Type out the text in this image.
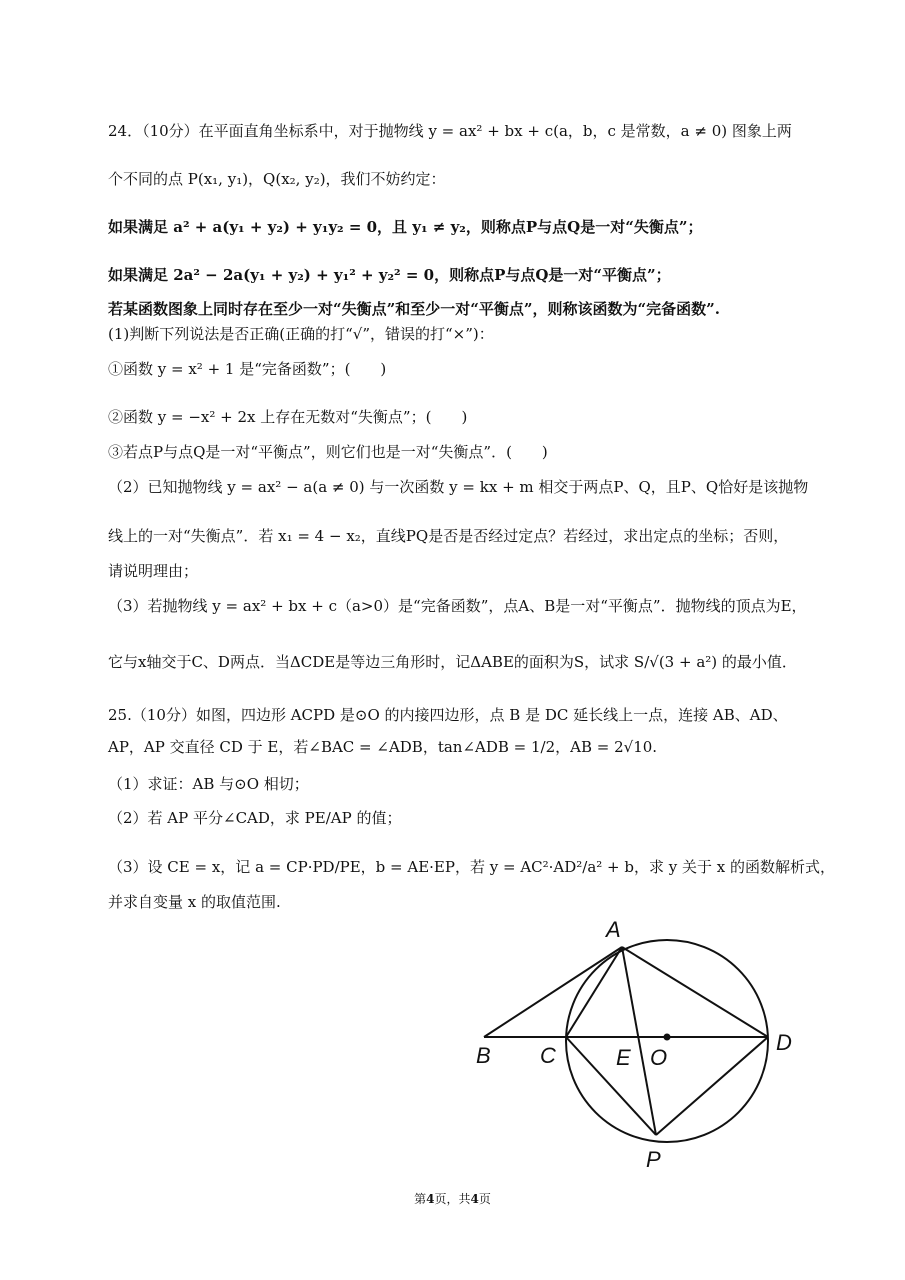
24．（10分）在平面直角坐标系中，对于抛物线 y = ax² + bx + c(a，b，c 是常数，a ≠ 0) 图象上两
个不同的点 P(x₁, y₁)，Q(x₂, y₂)，我们不妨约定：
如果满足 a² + a(y₁ + y₂) + y₁y₂ = 0，且 y₁ ≠ y₂，则称点P与点Q是一对“失衡点”；
如果满足 2a² − 2a(y₁ + y₂) + y₁² + y₂² = 0，则称点P与点Q是一对“平衡点”；
若某函数图象上同时存在至少一对“失衡点”和至少一对“平衡点”，则称该函数为“完备函数”.
(1)判断下列说法是否正确(正确的打“√”，错误的打“×”)：
①函数 y = x² + 1 是“完备函数”；(　　)
②函数 y = −x² + 2x 上存在无数对“失衡点”；(　　)
③若点P与点Q是一对“平衡点”，则它们也是一对“失衡点”．(　　)
（2）已知抛物线 y = ax² − a(a ≠ 0) 与一次函数 y = kx + m 相交于两点P、Q，且P、Q恰好是该抛物
线上的一对“失衡点”．若 x₁ = 4 − x₂，直线PQ是否是否经过定点？若经过，求出定点的坐标；否则，
请说明理由；
（3）若抛物线 y = ax² + bx + c（a>0）是“完备函数”，点A、B是一对“平衡点”．抛物线的顶点为E，
它与x轴交于C、D两点．当ΔCDE是等边三角形时，记ΔABE的面积为S，试求 S/√(3 + a²) 的最小值．
25.（10分）如图，四边形 ACPD 是⊙O 的内接四边形，点 B 是 DC 延长线上一点，连接 AB、AD、
AP，AP 交直径 CD 于 E，若∠BAC = ∠ADB，tan∠ADB = 1/2，AB = 2√10.
（1）求证：AB 与⊙O 相切；
（2）若 AP 平分∠CAD，求 PE/AP 的值；
（3）设 CE = x，记 a = CP·PD/PE，b = AE·EP，若 y = AC²·AD²/a² + b，求 y 关于 x 的函数解析式，
并求自变量 x 的取值范围.
A
B C	E O
D
P
第4页，共4页
